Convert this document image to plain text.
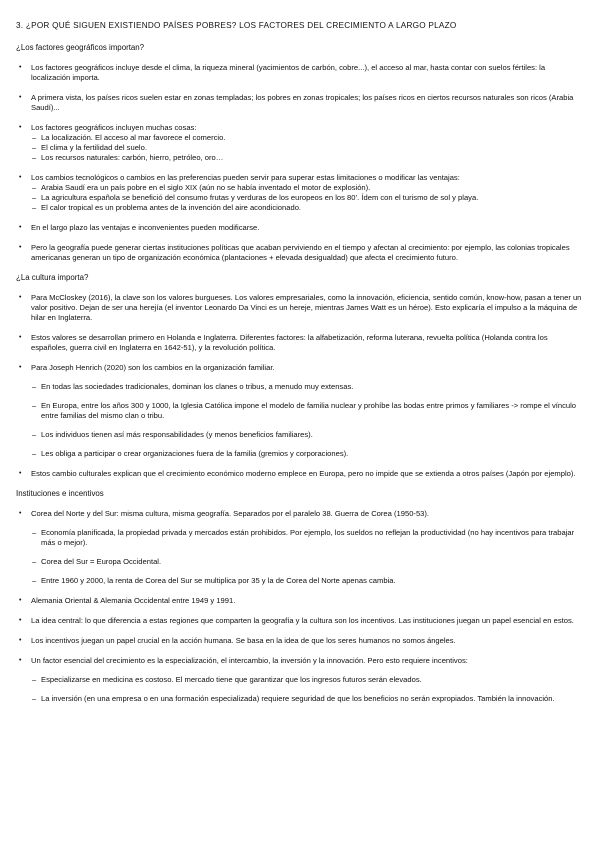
3. ¿POR QUÉ SIGUEN EXISTIENDO PAÍSES POBRES? LOS FACTORES DEL CRECIMIENTO A LARGO PLAZO
¿Los factores geográficos importan?
• Los factores geográficos incluye desde el clima, la riqueza mineral (yacimientos de carbón, cobre...), el acceso al mar, hasta contar con suelos fértiles: la localización importa.
• A primera vista, los países ricos suelen estar en zonas templadas; los pobres en zonas tropicales; los países ricos en ciertos recursos naturales son ricos (Arabia Saudí)...
• Los factores geográficos incluyen muchas cosas:
– La localización. El acceso al mar favorece el comercio.
– El clima y la fertilidad del suelo.
– Los recursos naturales: carbón, hierro, petróleo, oro…
• Los cambios tecnológicos o cambios en las preferencias pueden servir para superar estas limitaciones o modificar las ventajas:
– Arabia Saudí era un país pobre en el siglo XIX (aún no se había inventado el motor de explosión).
– La agricultura española se benefició del consumo frutas y verduras de los europeos en los 80’. Ídem con el turismo de sol y playa.
– El calor tropical es un problema antes de la invención del aire acondicionado.
• En el largo plazo las ventajas e inconvenientes pueden modificarse.
• Pero la geografía puede generar ciertas instituciones políticas que acaban perviviendo en el tiempo y afectan al crecimiento: por ejemplo, las colonias tropicales americanas generan un tipo de organización económica (plantaciones + elevada desigualdad) que afecta el crecimiento futuro.
¿La cultura importa?
• Para McCloskey (2016), la clave son los valores burgueses. Los valores empresariales, como la innovación, eficiencia, sentido común, know-how, pasan a tener un valor positivo. Dejan de ser una herejía (el inventor Leonardo Da Vinci es un hereje, mientras James Watt es un héroe). Esto explicaría el impulso a la máquina de hilar en Inglaterra.
• Estos valores se desarrollan primero en Holanda e Inglaterra. Diferentes factores: la alfabetización, reforma luterana, revuelta política (Holanda contra los españoles, guerra civil en Inglaterra en 1642-51), y la revolución política.
• Para Joseph Henrich (2020) son los cambios en la organización familiar.
– En todas las sociedades tradicionales, dominan los clanes o tribus, a menudo muy extensas.
– En Europa, entre los años 300 y 1000, la Iglesia Católica impone el modelo de familia nuclear y prohíbe las bodas entre primos y familiares -> rompe el vínculo entre familias del mismo clan o tribu.
– Los individuos tienen así más responsabilidades (y menos beneficios familiares).
– Les obliga a participar o crear organizaciones fuera de la familia (gremios y corporaciones).
• Estos cambio culturales explican que el crecimiento económico moderno emplece en Europa, pero no impide que se extienda a otros países (Japón por ejemplo).
Instituciones e incentivos
• Corea del Norte y del Sur: misma cultura, misma geografía. Separados por el paralelo 38. Guerra de Corea (1950-53).
– Economía planificada, la propiedad privada y mercados están prohibidos. Por ejemplo, los sueldos no reflejan la productividad (no hay incentivos para trabajar más o mejor).
– Corea del Sur = Europa Occidental.
– Entre 1960 y 2000, la renta de Corea del Sur se multiplica por 35 y la de Corea del Norte apenas cambia.
• Alemania Oriental & Alemania Occidental entre 1949 y 1991.
• La idea central: lo que diferencia a estas regiones que comparten la geografía y la cultura son los incentivos. Las instituciones juegan un papel esencial en estos.
• Los incentivos juegan un papel crucial en la acción humana. Se basa en la idea de que los seres humanos no somos ángeles.
• Un factor esencial del crecimiento es la especialización, el intercambio, la inversión y la innovación. Pero esto requiere incentivos:
– Especializarse en medicina es costoso. El mercado tiene que garantizar que los ingresos futuros serán elevados.
– La inversión (en una empresa o en una formación especializada) requiere seguridad de que los beneficios no serán expropiados. También la innovación.
